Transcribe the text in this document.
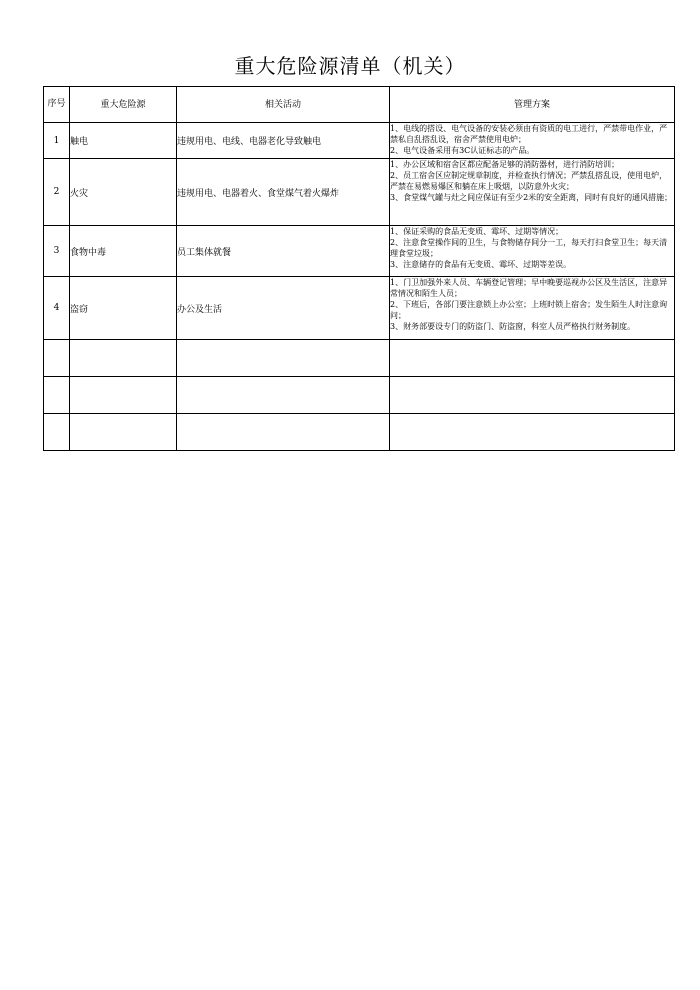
重大危险源清单（机关）
序号	重大危险源	相关活动	管理方案
1	触电	违规用电、电线、电器老化导致触电	1、电线的搭设、电气设备的安装必须由有资质的电工进行，严禁带电作业，严禁私自乱搭乱设，宿舍严禁使用电炉；
2、电气设备采用有3C认证标志的产品。

2	火灾	违规用电、电器着火、食堂煤气着火爆炸	1、办公区域和宿舍区都应配备足够的消防器材，进行消防培训；
2、员工宿舍区应制定规章制度，并检查执行情况；严禁乱搭乱设，使用电炉，严禁在易燃易爆区和躺在床上吸烟，以防意外火灾；
3、食堂煤气罐与灶之间应保证有至少2米的安全距离，同时有良好的通风措施；

3	食物中毒	员工集体就餐	1、保证采购的食品无变质、霉坏、过期等情况；
2、注意食堂操作间的卫生，与食物储存间分一工，每天打扫食堂卫生；每天清理食堂垃圾；
3、注意储存的食品有无变质、霉坏、过期等差误。

4	盗窃	办公及生活	1、门卫加强外来人员、车辆登记管理；早中晚要巡视办公区及生活区，注意异常情况和陌生人员；
2、下班后，各部门要注意锁上办公室；上班时锁上宿舍；发生陌生人时注意询问；
3、财务部要设专门的防盗门、防盗窗，科室人员严格执行财务制度。
